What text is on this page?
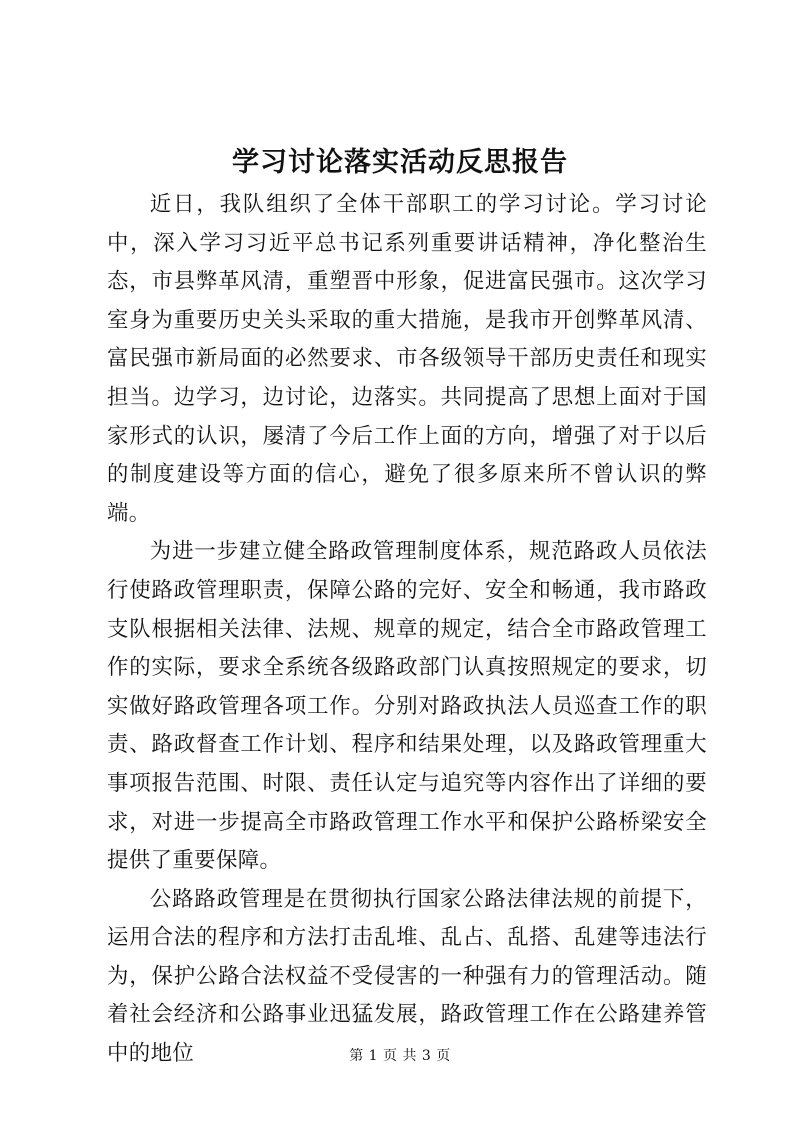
学习讨论落实活动反思报告

近日，我队组织了全体干部职工的学习讨论。学习讨论中，深入学习习近平总书记系列重要讲话精神，净化整治生态，市县弊革风清，重塑晋中形象，促进富民强市。这次学习室身为重要历史关头采取的重大措施，是我市开创弊革风清、富民强市新局面的必然要求、市各级领导干部历史责任和现实担当。边学习，边讨论，边落实。共同提高了思想上面对于国家形式的认识，屡清了今后工作上面的方向，增强了对于以后的制度建设等方面的信心，避免了很多原来所不曾认识的弊端。

为进一步建立健全路政管理制度体系，规范路政人员依法行使路政管理职责，保障公路的完好、安全和畅通，我市路政支队根据相关法律、法规、规章的规定，结合全市路政管理工作的实际，要求全系统各级路政部门认真按照规定的要求，切实做好路政管理各项工作。分别对路政执法人员巡查工作的职责、路政督查工作计划、程序和结果处理，以及路政管理重大事项报告范围、时限、责任认定与追究等内容作出了详细的要求，对进一步提高全市路政管理工作水平和保护公路桥梁安全提供了重要保障。

公路路政管理是在贯彻执行国家公路法律法规的前提下，运用合法的程序和方法打击乱堆、乱占、乱搭、乱建等违法行为，保护公路合法权益不受侵害的一种强有力的管理活动。随着社会经济和公路事业迅猛发展，路政管理工作在公路建养管中的地位	第 1 页 共 3 页
